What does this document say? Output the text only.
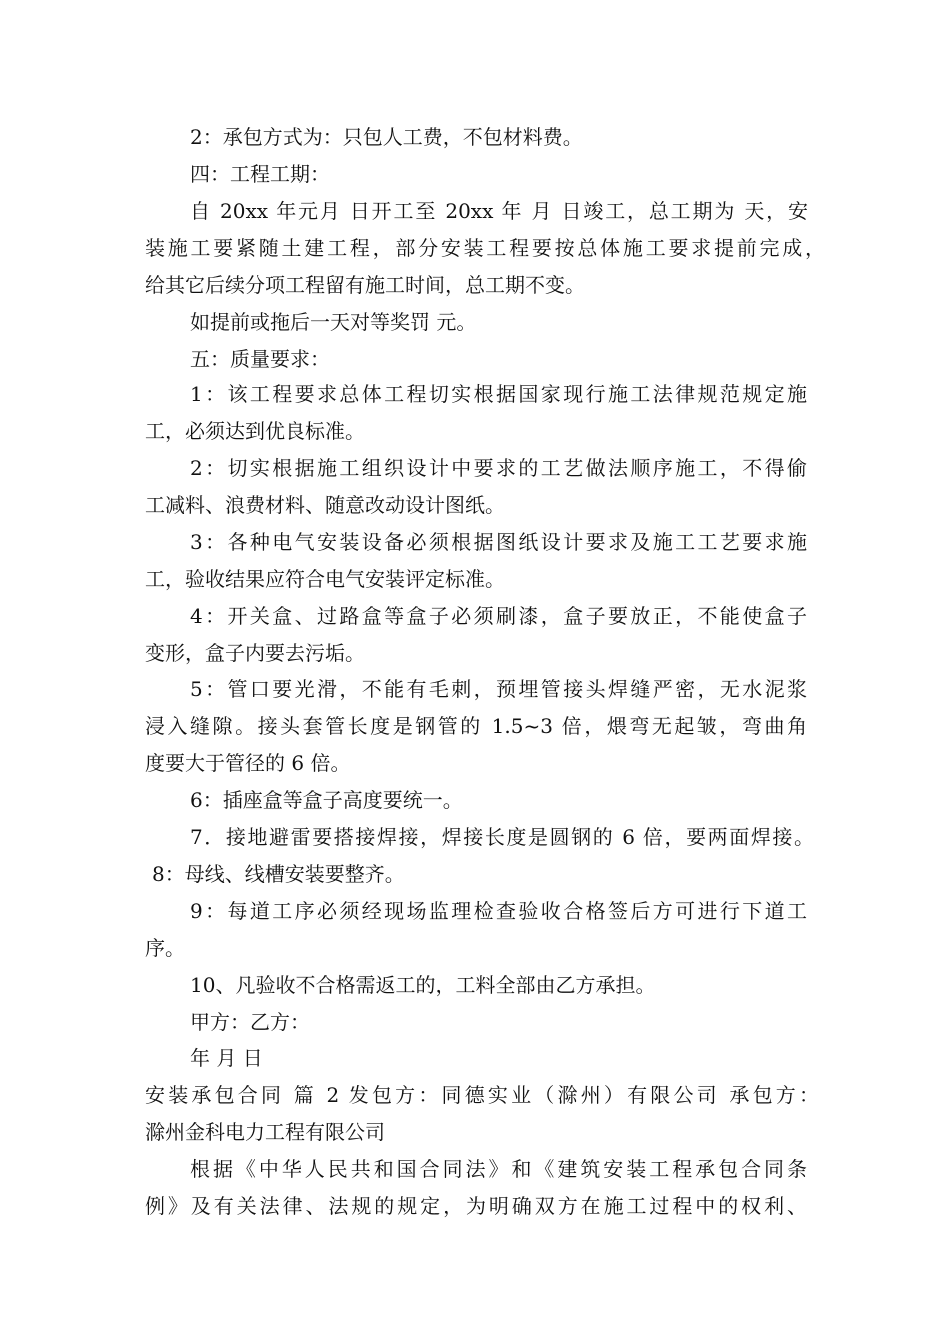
2：承包方式为：只包人工费，不包材料费。
四：工程工期：
自 20xx 年元月 日开工至 20xx 年 月 日竣工，总工期为 天，安
装施工要紧随土建工程，部分安装工程要按总体施工要求提前完成，
给其它后续分项工程留有施工时间，总工期不变。
如提前或拖后一天对等奖罚 元。
五：质量要求：
1：该工程要求总体工程切实根据国家现行施工法律规范规定施
工，必须达到优良标准。
2：切实根据施工组织设计中要求的工艺做法顺序施工，不得偷
工减料、浪费材料、随意改动设计图纸。
3：各种电气安装设备必须根据图纸设计要求及施工工艺要求施
工，验收结果应符合电气安装评定标准。
4：开关盒、过路盒等盒子必须刷漆，盒子要放正，不能使盒子
变形，盒子内要去污垢。
5：管口要光滑，不能有毛刺，预埋管接头焊缝严密，无水泥浆
浸入缝隙。接头套管长度是钢管的 1.5~3 倍，煨弯无起皱，弯曲角
度要大于管径的 6 倍。
6：插座盒等盒子高度要统一。
7．接地避雷要搭接焊接，焊接长度是圆钢的 6 倍，要两面焊接。
8：母线、线槽安装要整齐。
9：每道工序必须经现场监理检查验收合格签后方可进行下道工
序。
10、凡验收不合格需返工的，工料全部由乙方承担。
甲方：乙方：
年 月 日
安装承包合同 篇 2 发包方：同德实业（滁州）有限公司 承包方：
滁州金科电力工程有限公司
根据《中华人民共和国合同法》和《建筑安装工程承包合同条
例》及有关法律、法规的规定，为明确双方在施工过程中的权利、
